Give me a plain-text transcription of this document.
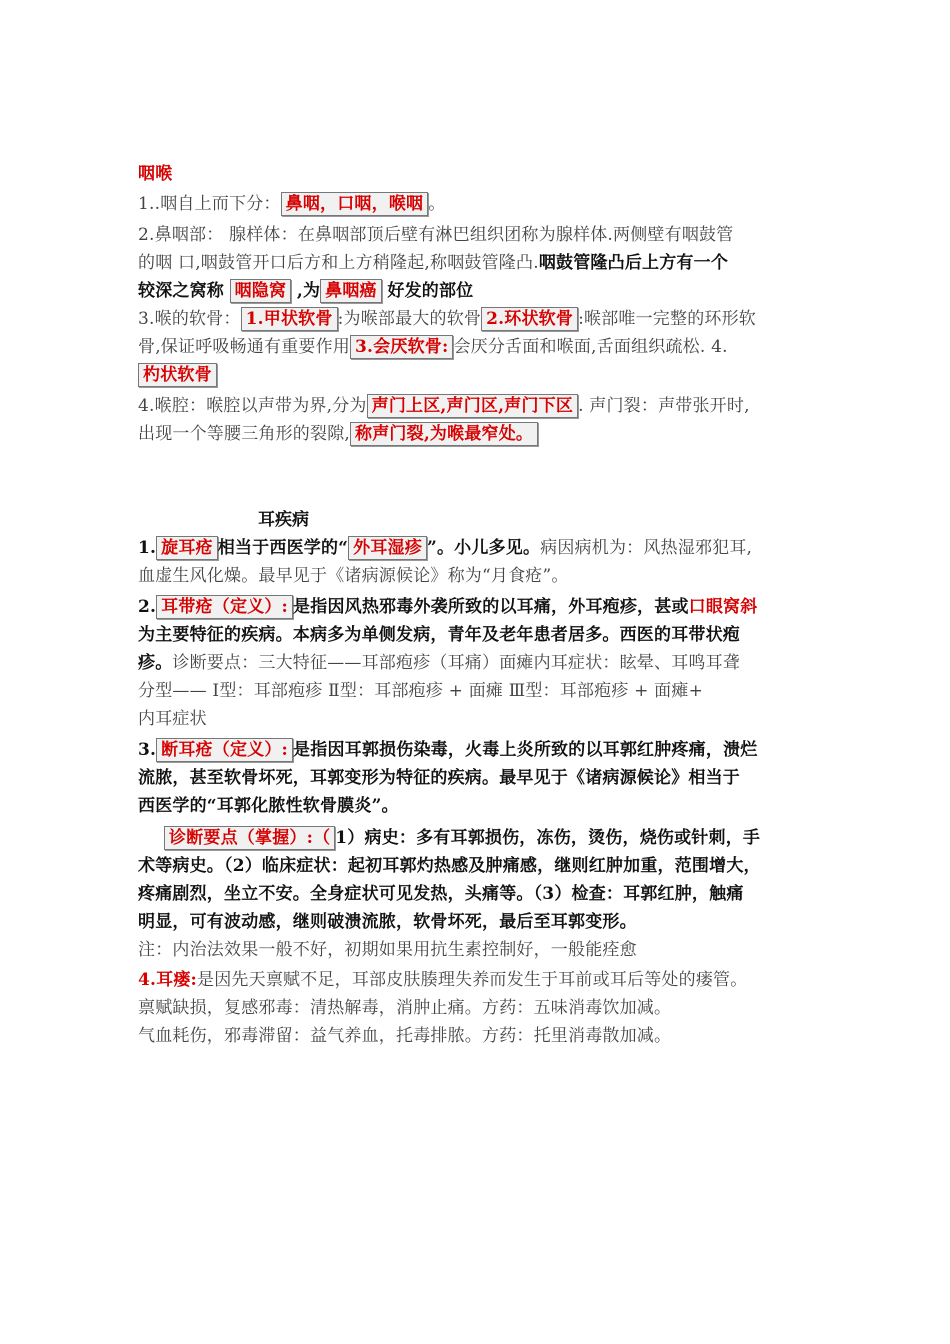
咽喉
1..咽自上而下分： 鼻咽，口咽，喉咽 。
2.鼻咽部： 腺样体：在鼻咽部顶后壁有淋巴组织团称为腺样体.两侧壁有咽鼓管
的咽 口,咽鼓管开口后方和上方稍隆起,称咽鼓管隆凸.咽鼓管隆凸后上方有一个
较深之窝称 咽隐窝 ,为 鼻咽癌 好发的部位
3.喉的软骨： 1.甲状软骨 :为喉部最大的软骨 2.环状软骨 :喉部唯一完整的环形软
骨,保证呼吸畅通有重要作用 3.会厌软骨: 会厌分舌面和喉面,舌面组织疏松. 4.
杓状软骨
4.喉腔：喉腔以声带为界,分为 声门上区,声门区,声门下区 . 声门裂：声带张开时,
出现一个等腰三角形的裂隙, 称声门裂,为喉最窄处。
耳疾病
1. 旋耳疮 相当于西医学的“ 外耳湿疹 ”。小儿多见。病因病机为：风热湿邪犯耳,
血虚生风化燥。最早见于《诸病源候论》称为“月食疮”。
2. 耳带疮（定义）: 是指因风热邪毒外袭所致的以耳痛，外耳疱疹，甚或口眼窝斜
为主要特征的疾病。本病多为单侧发病，青年及老年患者居多。西医的耳带状疱
疹。诊断要点：三大特征——耳部疱疹（耳痛）面瘫内耳症状：眩晕、耳鸣耳聋
分型—— Ⅰ型：耳部疱疹 Ⅱ型：耳部疱疹 + 面瘫 Ⅲ型：耳部疱疹 + 面瘫+
内耳症状
3. 断耳疮（定义）: 是指因耳郭损伤染毒，火毒上炎所致的以耳郭红肿疼痛，溃烂
流脓，甚至软骨坏死，耳郭变形为特征的疾病。最早见于《诸病源候论》相当于
西医学的“耳郭化脓性软骨膜炎”。
诊断要点（掌握）:（ 1）病史：多有耳郭损伤，冻伤，烫伤，烧伤或针刺，手
术等病史。（2）临床症状：起初耳郭灼热感及肿痛感，继则红肿加重，范围增大，
疼痛剧烈，坐立不安。全身症状可见发热，头痛等。（3）检查：耳郭红肿，触痛
明显，可有波动感，继则破溃流脓，软骨坏死，最后至耳郭变形。
注：内治法效果一般不好，初期如果用抗生素控制好，一般能痊愈
4.耳瘘:是因先天禀赋不足，耳部皮肤腠理失养而发生于耳前或耳后等处的瘘管。
禀赋缺损，复感邪毒：清热解毒，消肿止痛。方药：五味消毒饮加减。
气血耗伤，邪毒滞留：益气养血，托毒排脓。方药：托里消毒散加减。
